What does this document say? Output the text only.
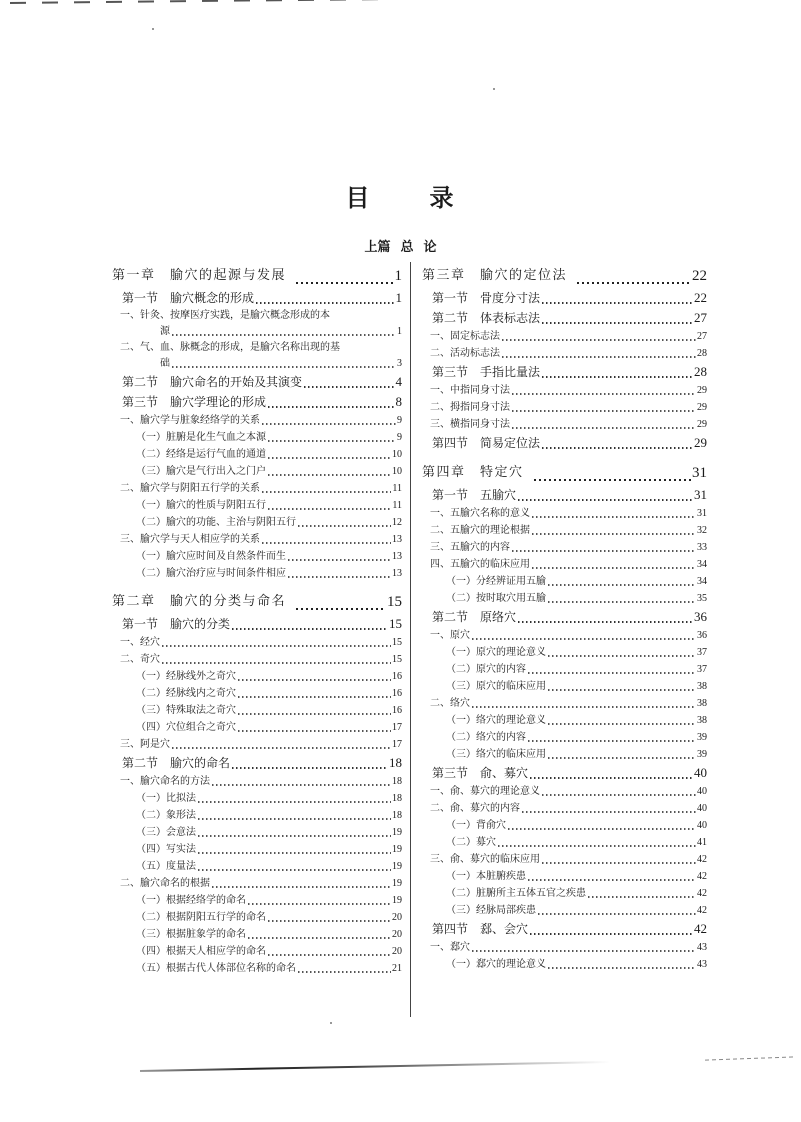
目 录
上篇 总 论
第一章　腧穴的起源与发展	1
第一节　腧穴概念的形成	1
一、针灸、按摩医疗实践，是腧穴概念形成的本
源	1
二、气、血、脉概念的形成，是腧穴名称出现的基
础	3
第二节　腧穴命名的开始及其演变	4
第三节　腧穴学理论的形成	8
一、腧穴学与脏象经络学的关系	9
（一）脏腑是化生气血之本源	9
（二）经络是运行气血的通道	10
（三）腧穴是气行出入之门户	10
二、腧穴学与阴阳五行学的关系	11
（一）腧穴的性质与阴阳五行	11
（二）腧穴的功能、主治与阴阳五行	12
三、腧穴学与天人相应学的关系	13
（一）腧穴应时间及自然条件而生	13
（二）腧穴治疗应与时间条件相应	13
第二章　腧穴的分类与命名	15
第一节　腧穴的分类	15
一、经穴	15
二、奇穴	15
（一）经脉线外之奇穴	16
（二）经脉线内之奇穴	16
（三）特殊取法之奇穴	16
（四）穴位组合之奇穴	17
三、阿是穴	17
第二节　腧穴的命名	18
一、腧穴命名的方法	18
（一）比拟法	18
（二）象形法	18
（三）会意法	19
（四）写实法	19
（五）度量法	19
二、腧穴命名的根据	19
（一）根据经络学的命名	19
（二）根据阴阳五行学的命名	20
（三）根据脏象学的命名	20
（四）根据天人相应学的命名	20
（五）根据古代人体部位名称的命名	21
第三章　腧穴的定位法	22
第一节　骨度分寸法	22
第二节　体表标志法	27
一、固定标志法	27
二、活动标志法	28
第三节　手指比量法	28
一、中指同身寸法	29
二、拇指同身寸法	29
三、横指同身寸法	29
第四节　简易定位法	29
第四章　特定穴	31
第一节　五腧穴	31
一、五腧穴名称的意义	31
二、五腧穴的理论根据	32
三、五腧穴的内容	33
四、五腧穴的临床应用	34
（一）分经辨证用五腧	34
（二）按时取穴用五腧	35
第二节　原络穴	36
一、原穴	36
（一）原穴的理论意义	37
（二）原穴的内容	37
（三）原穴的临床应用	38
二、络穴	38
（一）络穴的理论意义	38
（二）络穴的内容	39
（三）络穴的临床应用	39
第三节　俞、募穴	40
一、俞、募穴的理论意义	40
二、俞、募穴的内容	40
（一）背俞穴	40
（二）募穴	41
三、俞、募穴的临床应用	42
（一）本脏腑疾患	42
（二）脏腑所主五体五官之疾患	42
（三）经脉局部疾患	42
第四节　郄、会穴	42
一、郄穴	43
（一）郄穴的理论意义	43
